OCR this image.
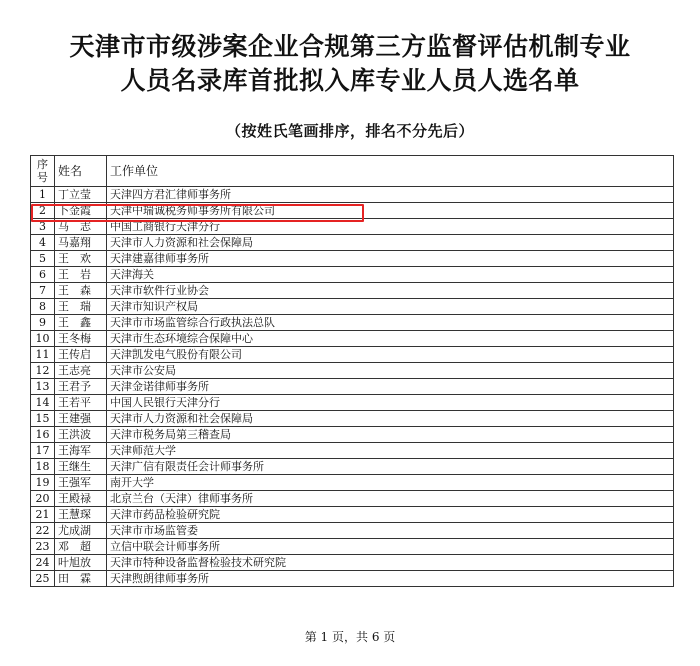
天津市市级涉案企业合规第三方监督评估机制专业
人员名录库首批拟入库专业人员人选名单
（按姓氏笔画排序，排名不分先后）
序
号	姓名	工作单位
1	丁立莹	天津四方君汇律师事务所
2	卜金霞	天津中瑞诚税务师事务所有限公司
3	马　志	中国工商银行天津分行
4	马嘉翔	天津市人力资源和社会保障局
5	王　欢	天津建嘉律师事务所
6	王　岩	天津海关
7	王　森	天津市软件行业协会
8	王　瑞	天津市知识产权局
9	王　鑫	天津市市场监管综合行政执法总队
10	王冬梅	天津市生态环境综合保障中心
11	王传启	天津凯发电气股份有限公司
12	王志亮	天津市公安局
13	王君予	天津金诺律师事务所
14	王若平	中国人民银行天津分行
15	王建强	天津市人力资源和社会保障局
16	王洪波	天津市税务局第三稽查局
17	王海军	天津师范大学
18	王继生	天津广信有限责任会计师事务所
19	王强军	南开大学
20	王殿禄	北京兰台（天津）律师事务所
21	王慧琛	天津市药品检验研究院
22	尤成湖	天津市市场监管委
23	邓　超	立信中联会计师事务所
24	叶旭放	天津市特种设备监督检验技术研究院
25	田　霖	天津煦朗律师事务所
第 1 页，共 6 页
